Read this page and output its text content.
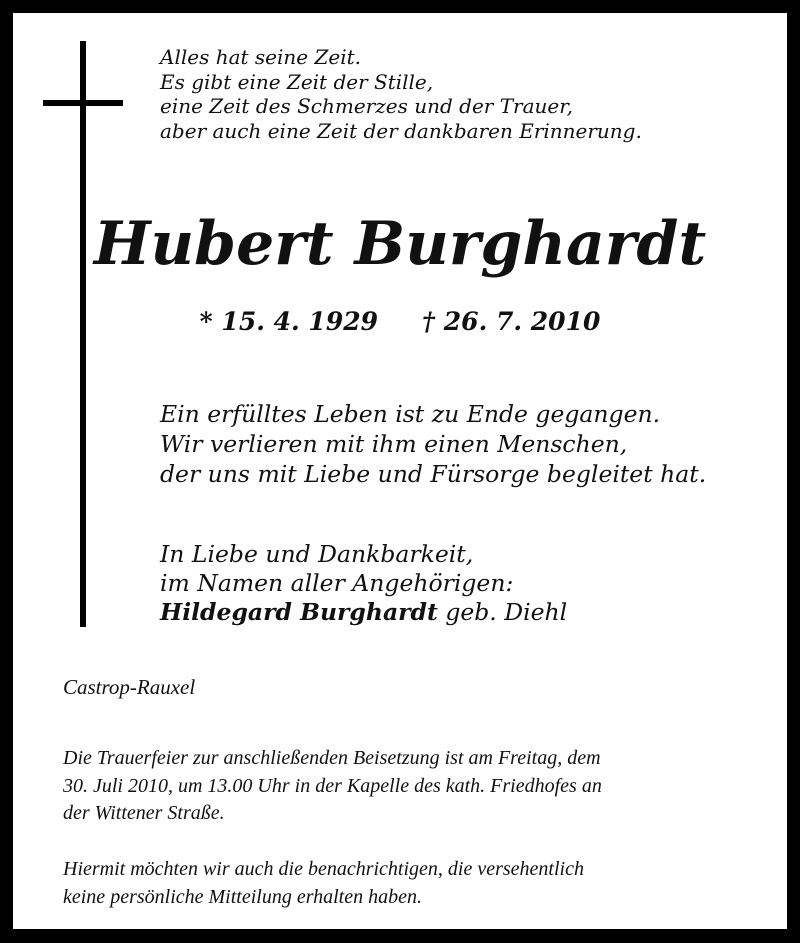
Alles hat seine Zeit.
Es gibt eine Zeit der Stille,
eine Zeit des Schmerzes und der Trauer,
aber auch eine Zeit der dankbaren Erinnerung.
Hubert Burghardt
* 15. 4. 1929 † 26. 7. 2010
Ein erfülltes Leben ist zu Ende gegangen.
Wir verlieren mit ihm einen Menschen,
der uns mit Liebe und Fürsorge begleitet hat.
In Liebe und Dankbarkeit,
im Namen aller Angehörigen:
Hildegard Burghardt geb. Diehl
Castrop-Rauxel
Die Trauerfeier zur anschließenden Beisetzung ist am Freitag, dem
30. Juli 2010, um 13.00 Uhr in der Kapelle des kath. Friedhofes an
der Wittener Straße.
Hiermit möchten wir auch die benachrichtigen, die versehentlich
keine persönliche Mitteilung erhalten haben.
